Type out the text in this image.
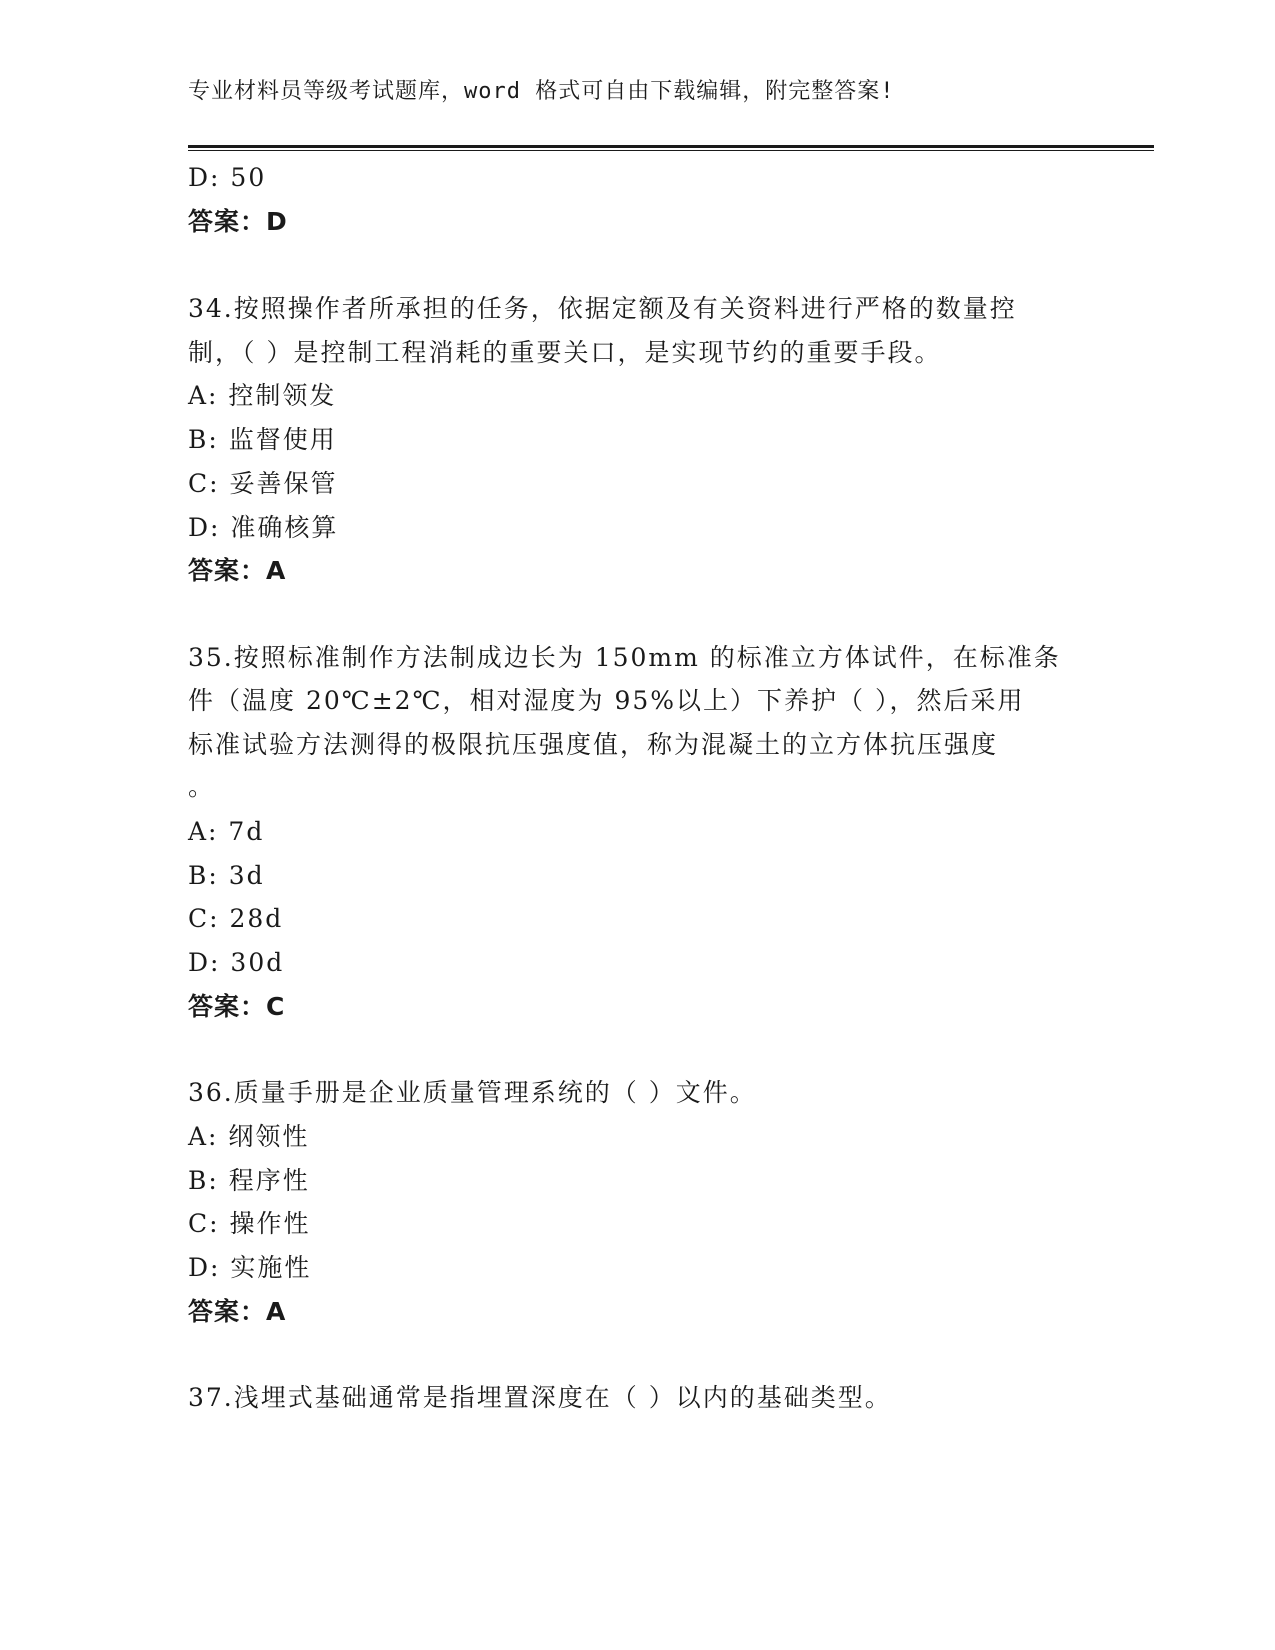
专业材料员等级考试题库，word 格式可自由下载编辑，附完整答案!
D: 50
答案：D
34.按照操作者所承担的任务，依据定额及有关资料进行严格的数量控
制，（ ）是控制工程消耗的重要关口，是实现节约的重要手段。
A: 控制领发
B: 监督使用
C: 妥善保管
D: 准确核算
答案：A
35.按照标准制作方法制成边长为 150mm 的标准立方体试件，在标准条
件（温度 20℃±2℃，相对湿度为 95%以上）下养护（ ），然后采用
标准试验方法测得的极限抗压强度值，称为混凝土的立方体抗压强度
。
A: 7d
B: 3d
C: 28d
D: 30d
答案：C
36.质量手册是企业质量管理系统的（ ）文件。
A: 纲领性
B: 程序性
C: 操作性
D: 实施性
答案：A
37.浅埋式基础通常是指埋置深度在（ ）以内的基础类型。
